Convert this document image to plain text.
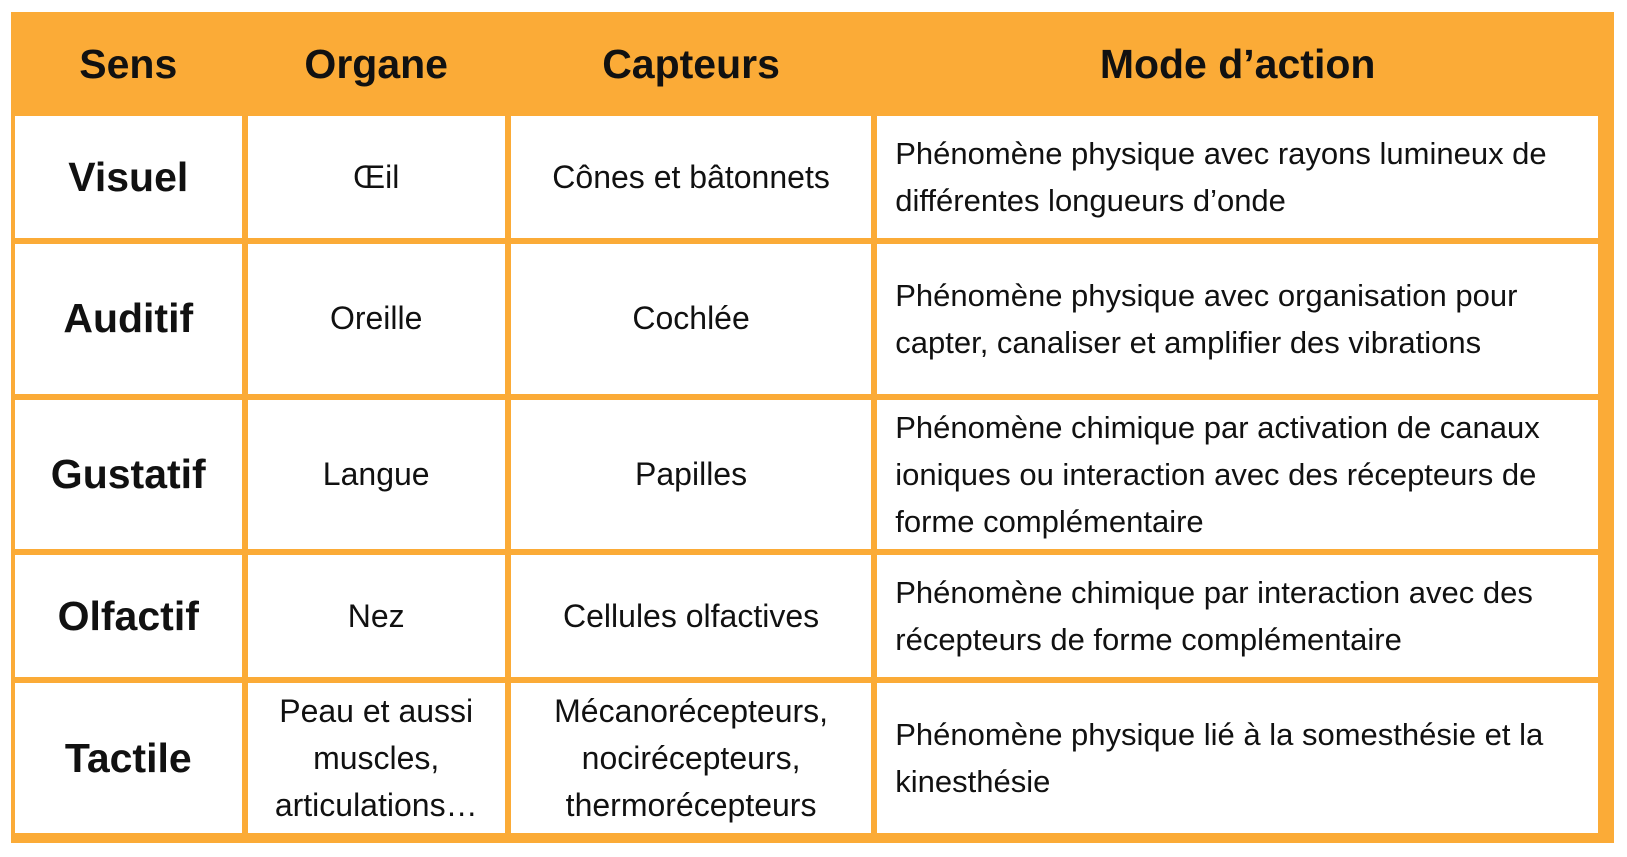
Sens	Organe	Capteurs	Mode d’action
Visuel	Œil	Cônes et bâtonnets	Phénomène physique avec rayons lumineux de différentes longueurs d’onde
Auditif	Oreille	Cochlée	Phénomène physique avec organisation pour capter, canaliser et amplifier des vibrations
Gustatif	Langue	Papilles	Phénomène chimique par activation de canaux ioniques ou interaction avec des récepteurs de forme complémentaire
Olfactif	Nez	Cellules olfactives	Phénomène chimique par interaction avec des récepteurs de forme complémentaire
Tactile	Peau et aussi muscles, articulations…	Mécanorécepteurs, nocirécepteurs, thermorécepteurs	Phénomène physique lié à la somesthésie et la kinesthésie
